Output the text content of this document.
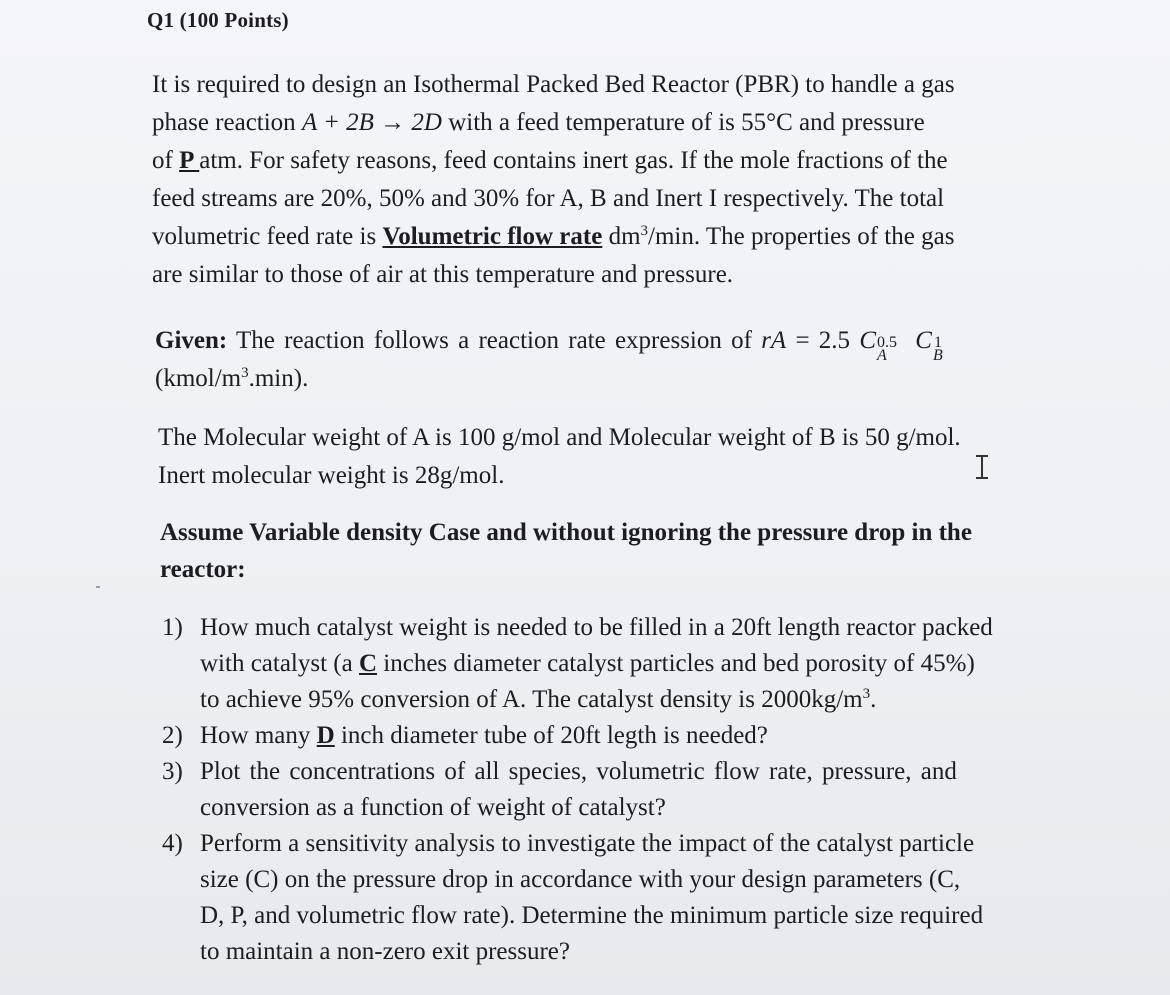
Q1 (100 Points)
It is required to design an Isothermal Packed Bed Reactor (PBR) to handle a gas
phase reaction A + 2B → 2D with a feed temperature of is 55°C and pressure
of P atm. For safety reasons, feed contains inert gas. If the mole fractions of the
feed streams are 20%, 50% and 30% for A, B and Inert I respectively. The total
volumetric feed rate is Volumetric flow rate $dm^3/\min$. The properties of the gas
are similar to those of air at this temperature and pressure.
Given: The reaction follows a reaction rate expression of rA = 2.5 C 0.5
A
C 1
B
$(kmol/m^3.\min)$.
The Molecular weight of A is 100 g/mol and Molecular weight of B is 50 g/mol.
Inert molecular weight is 28g/mol.
Assume Variable density Case and without ignoring the pressure drop in the
reactor:
1) How much catalyst weight is needed to be filled in a 20ft length reactor packed
with catalyst (a C inches diameter catalyst particles and bed porosity of 45%)
to achieve 95% conversion of A. The catalyst density is $2000kg/m^3$.
2) How many D inch diameter tube of 20ft legth is needed?
3) Plot the concentrations of all species, volumetric flow rate, pressure, and
conversion as a function of weight of catalyst?
4) Perform a sensitivity analysis to investigate the impact of the catalyst particle
size (C) on the pressure drop in accordance with your design parameters (C,
D, P, and volumetric flow rate). Determine the minimum particle size required
to maintain a non-zero exit pressure?
